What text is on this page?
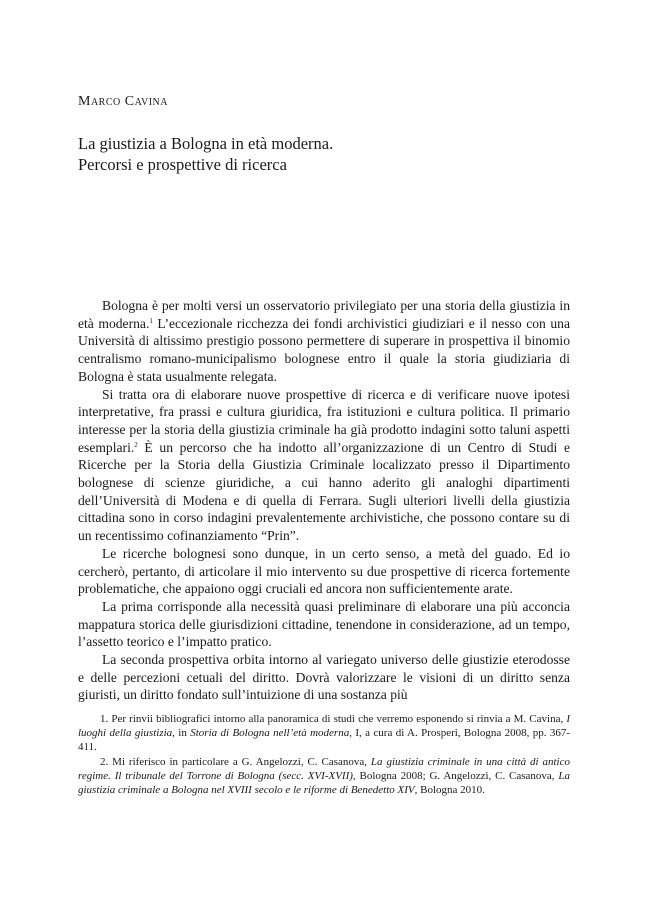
Marco Cavina
La giustizia a Bologna in età moderna.
Percorsi e prospettive di ricerca

Bologna è per molti versi un osservatorio privilegiato per una storia della giustizia in età moderna.$^1$ L’eccezionale ricchezza dei fondi archivistici giudiziari e il nesso con una Università di altissimo prestigio possono permettere di superare in prospettiva il binomio centralismo romano-municipalismo bolognese entro il quale la storia giudiziaria di Bologna è stata usualmente relegata.

Si tratta ora di elaborare nuove prospettive di ricerca e di verificare nuove ipotesi interpretative, fra prassi e cultura giuridica, fra istituzioni e cultura politica. Il primario interesse per la storia della giustizia criminale ha già prodotto indagini sotto taluni aspetti esemplari.$^2$ È un percorso che ha indotto all’organizzazione di un Centro di Studi e Ricerche per la Storia della Giustizia Criminale localizzato presso il Dipartimento bolognese di scienze giuridiche, a cui hanno aderito gli analoghi dipartimenti dell’Università di Modena e di quella di Ferrara. Sugli ulteriori livelli della giustizia cittadina sono in corso indagini prevalentemente archivistiche, che possono contare su di un recentissimo cofinanziamento “Prin”.

Le ricerche bolognesi sono dunque, in un certo senso, a metà del guado. Ed io cercherò, pertanto, di articolare il mio intervento su due prospettive di ricerca fortemente problematiche, che appaiono oggi cruciali ed ancora non sufficientemente arate.

La prima corrisponde alla necessità quasi preliminare di elaborare una più acconcia mappatura storica delle giurisdizioni cittadine, tenendone in considerazione, ad un tempo, l’assetto teorico e l’impatto pratico.

La seconda prospettiva orbita intorno al variegato universo delle giustizie eterodosse e delle percezioni cetuali del diritto. Dovrà valorizzare le visioni di un diritto senza giuristi, un diritto fondato sull’intuizione di una sostanza più

1. Per rinvii bibliografici intorno alla panoramica di studi che verremo esponendo si rinvia a M. Cavina, I luoghi della giustizia, in Storia di Bologna nell’età moderna, I, a cura di A. Prosperi, Bologna 2008, pp. 367-411.

2. Mi riferisco in particolare a G. Angelozzi, C. Casanova, La giustizia criminale in una città di antico regime. Il tribunale del Torrone di Bologna (secc. XVI-XVII), Bologna 2008; G. Angelozzi, C. Casanova, La giustizia criminale a Bologna nel XVIII secolo e le riforme di Benedetto XIV, Bologna 2010.
